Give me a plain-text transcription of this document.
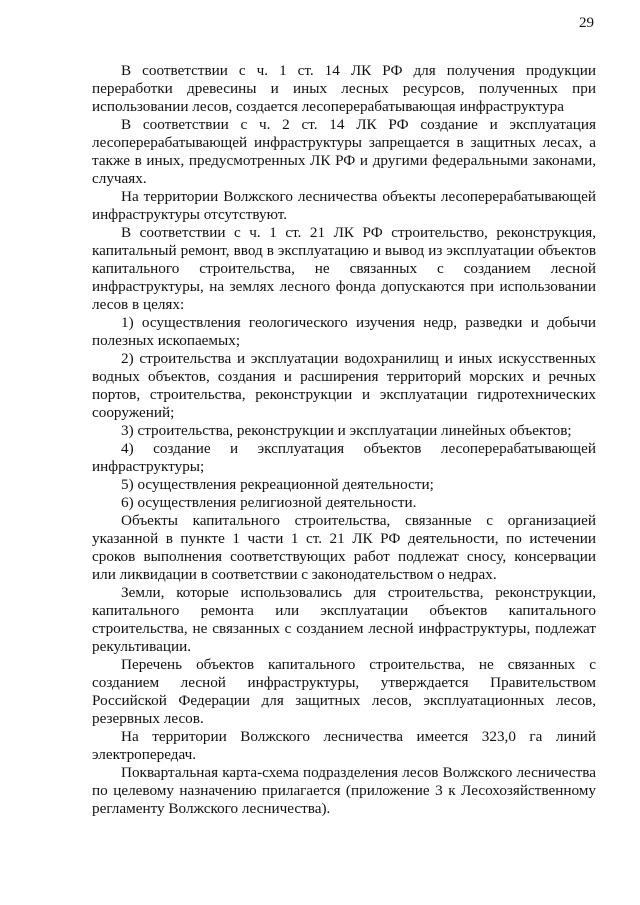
29

В соответствии с ч. 1 ст. 14 ЛК РФ для получения продукции переработки древесины и иных лесных ресурсов, полученных при использовании лесов, создается лесоперерабатывающая инфраструктура

В соответствии с ч. 2 ст. 14 ЛК РФ создание и эксплуатация лесоперерабатывающей инфраструктуры запрещается в защитных лесах, а также в иных, предусмотренных ЛК РФ и другими федеральными законами, случаях.

На территории Волжского лесничества объекты лесоперерабатывающей инфраструктуры отсутствуют.

В соответствии с ч. 1 ст. 21 ЛК РФ строительство, реконструкция, капитальный ремонт, ввод в эксплуатацию и вывод из эксплуатации объектов капитального строительства, не связанных с созданием лесной инфраструктуры, на землях лесного фонда допускаются при использовании лесов в целях:

1) осуществления геологического изучения недр, разведки и добычи полезных ископаемых;

2) строительства и эксплуатации водохранилищ и иных искусственных водных объектов, создания и расширения территорий морских и речных портов, строительства, реконструкции и эксплуатации гидротехнических сооружений;

3) строительства, реконструкции и эксплуатации линейных объектов;

4) создание и эксплуатация объектов лесоперерабатывающей инфраструктуры;

5) осуществления рекреационной деятельности;

6) осуществления религиозной деятельности.

Объекты капитального строительства, связанные с организацией указанной в пункте 1 части 1 ст. 21 ЛК РФ деятельности, по истечении сроков выполнения соответствующих работ подлежат сносу, консервации или ликвидации в соответствии с законодательством о недрах.

Земли, которые использовались для строительства, реконструкции, капитального ремонта или эксплуатации объектов капитального строительства, не связанных с созданием лесной инфраструктуры, подлежат рекультивации.

Перечень объектов капитального строительства, не связанных с созданием лесной инфраструктуры, утверждается Правительством Российской Федерации для защитных лесов, эксплуатационных лесов, резервных лесов.

На территории Волжского лесничества имеется 323,0 га линий электропередач.

Поквартальная карта-схема подразделения лесов Волжского лесничества по целевому назначению прилагается (приложение 3 к Лесохозяйственному регламенту Волжского лесничества).
